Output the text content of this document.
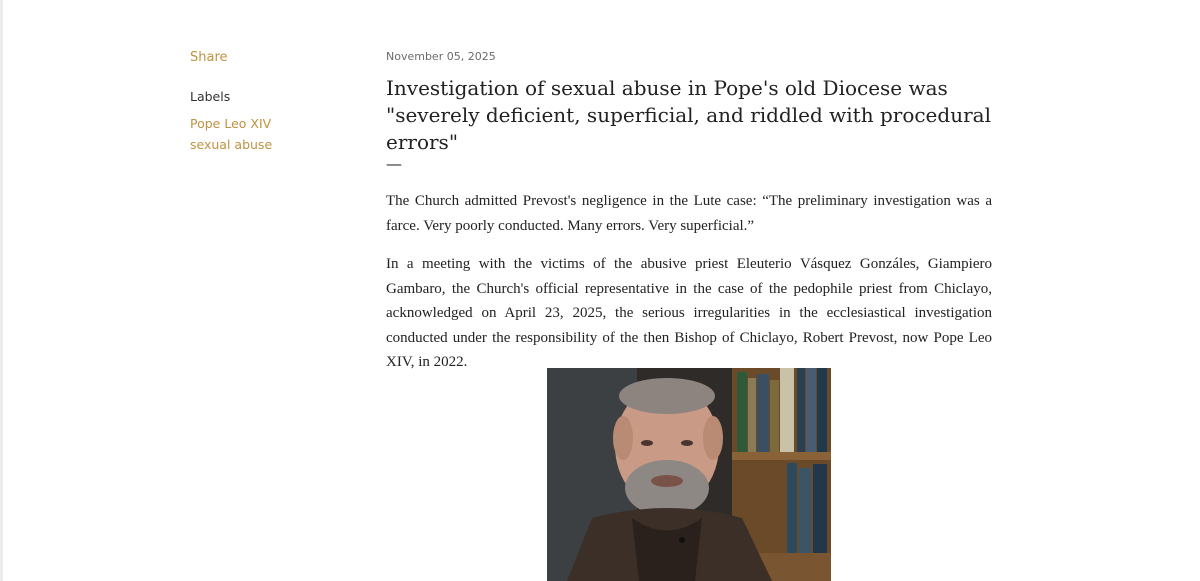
Share
Labels
Pope Leo XIV
sexual abuse
November 05, 2025
Investigation of sexual abuse in Pope's old Diocese was "severely deficient, superficial, and riddled with procedural errors"
—

The Church admitted Prevost's negligence in the Lute case: “The preliminary investigation was a farce. Very poorly conducted. Many errors. Very superficial.”

In a meeting with the victims of the abusive priest Eleuterio Vásquez Gonzáles, Giampiero Gambaro, the Church's official representative in the case of the pedophile priest from Chiclayo, acknowledged on April 23, 2025, the serious irregularities in the ecclesiastical investigation conducted under the responsibility of the then Bishop of Chiclayo, Robert Prevost, now Pope Leo XIV, in 2022.
